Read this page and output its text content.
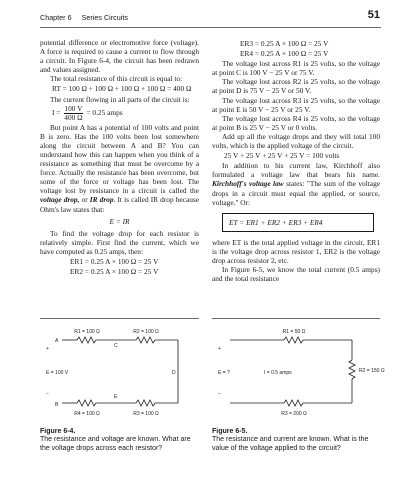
Chapter 6 Series Circuits	51

potential difference or electromotive force (voltage). A force is required to cause a current to flow through a circuit. In Figure 6-4, the circuit has been redrawn and values assigned.

The total resistance of this circuit is equal to:

RT = 100 Ω + 100 Ω + 100 Ω + 100 Ω = 400 Ω

The current flowing in all parts of the circuit is:

$I = \frac{100 V}{400 \Omega} = 0.25$ amps

But point A has a potential of 100 volts and point B is zero. Has the 100 volts been lost somewhere along the circuit between A and B? You can understand how this can happen when you think of a resistance as something that must be overcome by a force. Actually the resistance has been overcome, but some of the force or voltage has been lost. The voltage lost by resistance in a circuit is called the voltage drop, or IR drop. It is called IR drop because Ohm's law states that:

E = IR

To find the voltage drop for each resistor is relatively simple. First find the current, which we have computed as 0.25 amps, then:

ER1 = 0.25 A × 100 Ω = 25 V
ER2 = 0.25 A × 100 Ω = 25 V
ER3 = 0.25 A × 100 Ω = 25 V
ER4 = 0.25 A × 100 Ω = 25 V

The voltage lost across R1 is 25 volts, so the voltage at point C is 100 V − 25 V or 75 V.

The voltage lost across R2 is 25 volts, so the voltage at point D is 75 V − 25 V or 50 V.

The voltage lost across R3 is 25 volts, so the voltage at point E is 50 V − 25 V or 25 V.

The voltage lost across R4 is 25 volts, so the voltage at point B is 25 V − 25 V or 0 volts.

Add up all the voltage drops and they will total 100 volts, which is the applied voltage of the circuit.

25 V + 25 V + 25 V + 25 V = 100 volts

In addition to his current law, Kirchhoff also formulated a voltage law that bears his name. Kirchhoff's voltage law states: "The sum of the voltage drops in a circuit must equal the applied, or source, voltage." Or:

ET = ER1 + ER2 + ER3 + ER4

where ET is the total applied voltage in the circuit, ER1 is the voltage drop across resistor 1, ER2 is the voltage drop across resistor 2, etc.

In Figure 6-5, we know the total current (0.5 amps) and the total resistance

R1 = 100 Ω	R2 = 100 Ω
R4 = 100 Ω	R3 = 100 Ω
A
B
C
D
E
+
−
E = 100 V
R1 = 50 Ω
R2 = 150 Ω
R3 = 200 Ω
+
−
E = ?	I = 0.5 amps
Figure 6-4.
The resistance and voltage are known. What are the voltage drops across each resistor?
Figure 6-5.
The resistance and current are known. What is the value of the voltage applied to the circuit?
